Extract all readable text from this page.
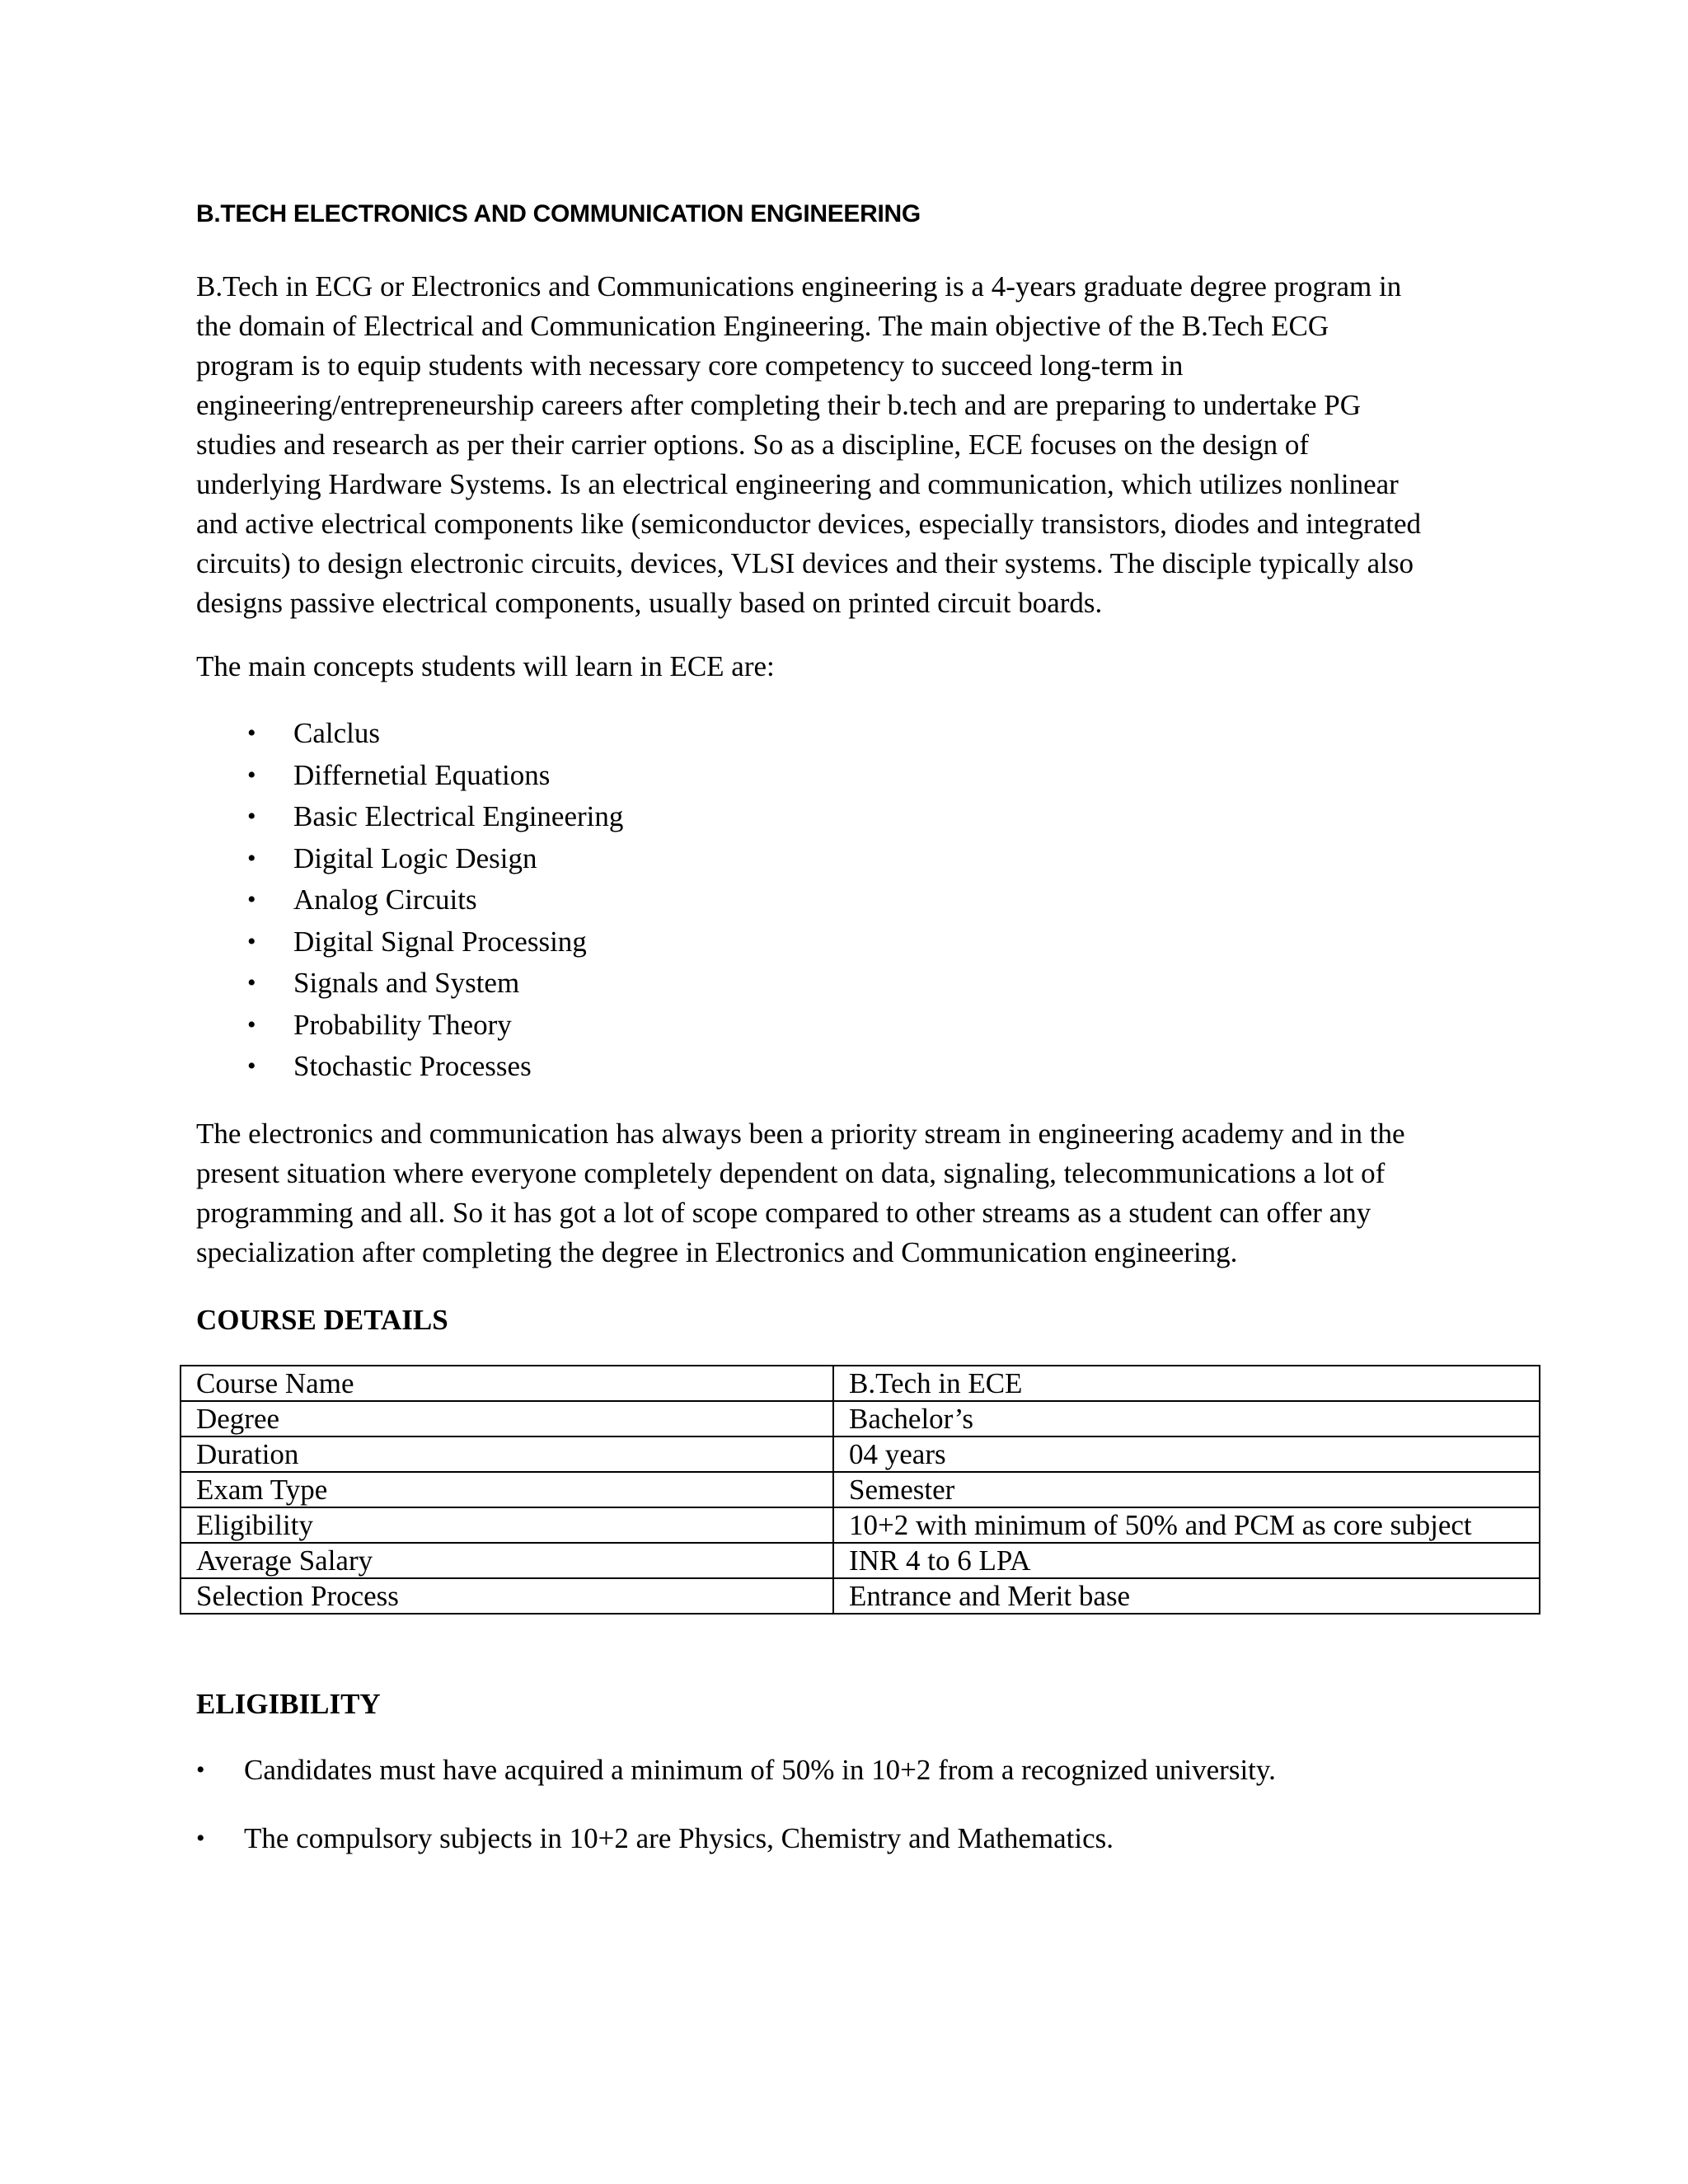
B.TECH ELECTRONICS AND COMMUNICATION ENGINEERING

B.Tech in ECG or Electronics and Communications engineering is a 4-years graduate degree program in
the domain of Electrical and Communication Engineering. The main objective of the B.Tech ECG
program is to equip students with necessary core competency to succeed long-term in
engineering/entrepreneurship careers after completing their b.tech and are preparing to undertake PG
studies and research as per their carrier options. So as a discipline, ECE focuses on the design of
underlying Hardware Systems. Is an electrical engineering and communication, which utilizes nonlinear
and active electrical components like (semiconductor devices, especially transistors, diodes and integrated
circuits) to design electronic circuits, devices, VLSI devices and their systems. The disciple typically also
designs passive electrical components, usually based on printed circuit boards.

The main concepts students will learn in ECE are:

• Calclus
• Differnetial Equations
• Basic Electrical Engineering
• Digital Logic Design
• Analog Circuits
• Digital Signal Processing
• Signals and System
• Probability Theory
• Stochastic Processes

The electronics and communication has always been a priority stream in engineering academy and in the
present situation where everyone completely dependent on data, signaling, telecommunications a lot of
programming and all. So it has got a lot of scope compared to other streams as a student can offer any
specialization after completing the degree in Electronics and Communication engineering.

COURSE DETAILS
Course Name	B.Tech in ECE
Degree	Bachelor’s
Duration	04 years
Exam Type	Semester
Eligibility	10+2 with minimum of 50% and PCM as core subject
Average Salary	INR 4 to 6 LPA
Selection Process	Entrance and Merit base
ELIGIBILITY
• Candidates must have acquired a minimum of 50% in 10+2 from a recognized university.
• The compulsory subjects in 10+2 are Physics, Chemistry and Mathematics.
